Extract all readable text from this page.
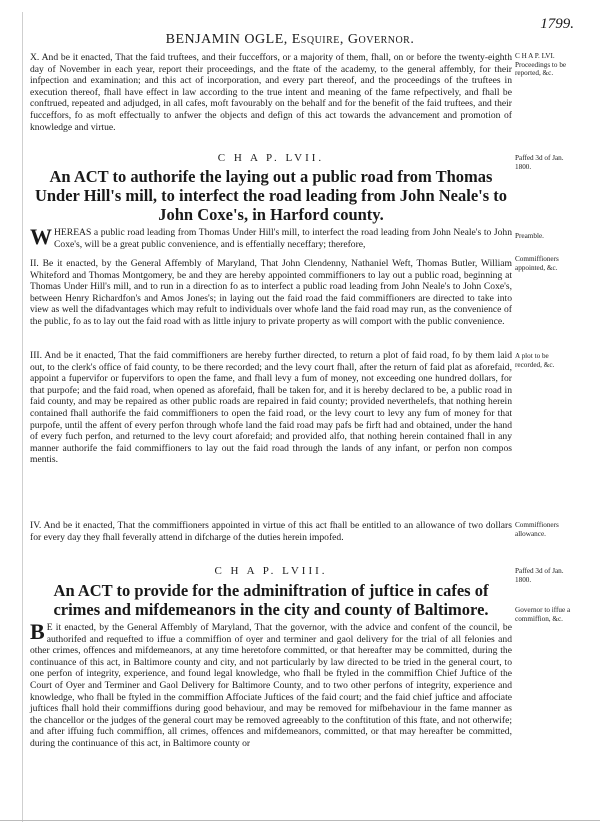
1799.
BENJAMIN OGLE, Esquire, Governor.
X. And be it enacted, That the faid truftees, and their fucceffors, or a majority of them, fhall, on or before the twenty-eighth day of November in each year, report their proceedings, and the ftate of the academy, to the general affembly, for their infpection and examination; and this act of incorporation, and every part thereof, and the proceedings of the truftees in execution thereof, fhall have effect in law according to the true intent and meaning of the fame refpectively, and fhall be conftrued, repeated and adjudged, in all cafes, moft favourably on the behalf and for the benefit of the faid truftees, and their fucceffors, fo as moft effectually to anfwer the objects and defign of this act towards the advancement and promotion of knowledge and virtue.
C H A P. LVI. Proceedings to be reported, &c.
C H A P. LVII.	Paffed 3d of Jan. 1800.
An ACT to authorife the laying out a public road from Thomas Under Hill's mill, to interfect the road leading from John Neale's to John Coxe's, in Harford county.
WHEREAS a public road leading from Thomas Under Hill's mill, to interfect the road leading from John Neale's to John Coxe's, will be a great public convenience, and is effentially neceffary; therefore,
Preamble.
II. Be it enacted, by the General Affembly of Maryland, That John Clendenny, Nathaniel Weft, Thomas Butler, William Whiteford and Thomas Montgomery, be and they are hereby appointed commiffioners to lay out a public road, beginning at Thomas Under Hill's mill, and to run in a direction fo as to interfect a public road leading from John Neale's to John Coxe's, between Henry Richardfon's and Amos Jones's; in laying out the faid road the faid commiffioners are directed to take into view as well the difadvantages which may refult to individuals over whofe land the faid road may run, as the convenience of the public, fo as to lay out the faid road with as little injury to private property as will comport with the public convenience.
Commiffioners appointed, &c.
III. And be it enacted, That the faid commiffioners are hereby further directed, to return a plot of faid road, fo by them laid out, to the clerk's office of faid county, to be there recorded; and the levy court fhall, after the return of faid plat as aforefaid, appoint a fupervifor or fupervifors to open the fame, and fhall levy a fum of money, not exceeding one hundred dollars, for that purpofe; and the faid road, when opened as aforefaid, fhall be taken for, and it is hereby declared to be, a public road in faid county, and may be repaired as other public roads are repaired in faid county; provided neverthelefs, that nothing herein contained fhall authorife the faid commiffioners to open the faid road, or the levy court to levy any fum of money for that purpofe, until the affent of every perfon through whofe land the faid road may pafs be firft had and obtained, under the hand of every fuch perfon, and returned to the levy court aforefaid; and provided alfo, that nothing herein contained fhall in any manner authorife the faid commiffioners to lay out the faid road through the lands of any infant, or perfon non compos mentis.
A plot to be recorded, &c.
IV. And be it enacted, That the commiffioners appointed in virtue of this act fhall be entitled to an allowance of two dollars for every day they fhall feverally attend in difcharge of the duties herein impofed.
Commiffioners allowance.
C H A P. LVIII.	Paffed 3d of Jan. 1800.
An ACT to provide for the adminiftration of juftice in cafes of crimes and mifdemeanors in the city and county of Baltimore.
B E it enacted, by the General Affembly of Maryland, That the governor, with the advice and confent of the council, be authorifed and requefted to iffue a commiffion of oyer and terminer and gaol delivery for the trial of all felonies and other crimes, offences and mifdemeanors, at any time heretofore committed, or that hereafter may be committed, during the continuance of this act, in Baltimore county and city, and not particularly by law directed to be tried in the general court, to one perfon of integrity, experience, and found legal knowledge, who fhall be ftyled in the commiffion Chief Juftice of the Court of Oyer and Terminer and Gaol Delivery for Baltimore County, and to two other perfons of integrity, experience and knowledge, who fhall be ftyled in the commiffion Affociate Juftices of the faid court; and the faid chief juftice and affociate juftices fhall hold their commiffions during good behaviour, and may be removed for mifbehaviour in the fame manner as the chancellor or the judges of the general court may be removed agreeably to the conftitution of this ftate, and not otherwife; and after iffuing fuch commiffion, all crimes, offences and mifdemeanors, committed, or that may hereafter be committed, during the continuance of this act, in Baltimore county or
Governor to iffue a commiffion, &c.
